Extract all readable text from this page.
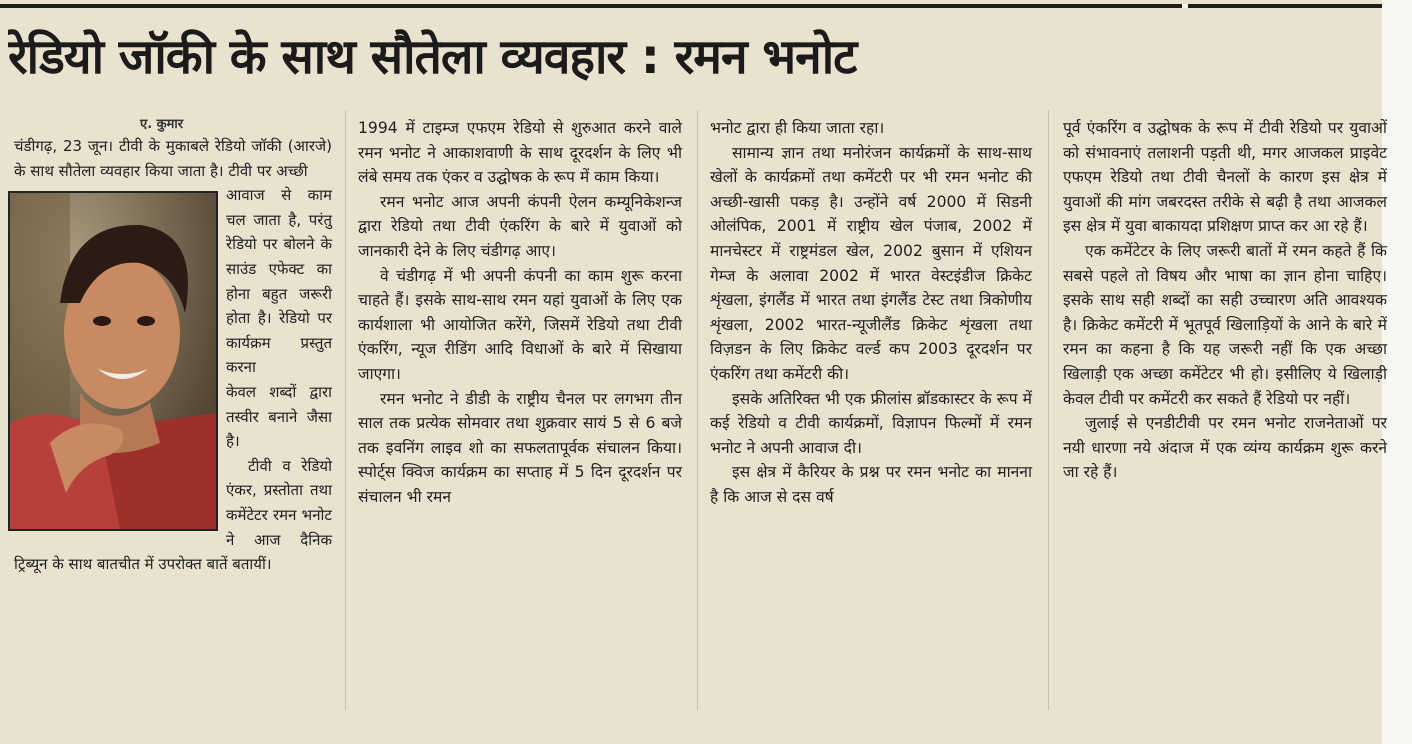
रेडियो जॉकी के साथ सौतेला व्यवहार : रमन भनोट
ए. कुमार

चंडीगढ़, 23 जून। टीवी के मुकाबले रेडियो जॉकी (आरजे) के साथ सौतेला व्यवहार किया जाता है। टीवी पर अच्छी

आवाज से काम चल जाता है, परंतु रेडियो पर बोलने के साउंड एफेक्ट का होना बहुत जरूरी होता है। रेडियो पर कार्यक्रम प्रस्तुत करना

केवल शब्दों द्वारा तस्वीर बनाने जैसा है।

टीवी व रेडियो एंकर, प्रस्तोता तथा कमेंटेटर रमन भनोट ने आज दैनिक ट्रिब्यून के साथ बातचीत में उपरोक्त बातें बतायीं।

1994 में टाइम्ज एफएम रेडियो से शुरुआत करने वाले रमन भनोट ने आकाशवाणी के साथ दूरदर्शन के लिए भी लंबे समय तक एंकर व उद्घोषक के रूप में काम किया।

रमन भनोट आज अपनी कंपनी ऐलन कम्यूनिकेशन्ज द्वारा रेडियो तथा टीवी एंकरिंग के बारे में युवाओं को जानकारी देने के लिए चंडीगढ़ आए।

वे चंडीगढ़ में भी अपनी कंपनी का काम शुरू करना चाहते हैं। इसके साथ-साथ रमन यहां युवाओं के लिए एक कार्यशाला भी आयोजित करेंगे, जिसमें रेडियो तथा टीवी एंकरिंग, न्यूज रीडिंग आदि विधाओं के बारे में सिखाया जाएगा।

रमन भनोट ने डीडी के राष्ट्रीय चैनल पर लगभग तीन साल तक प्रत्येक सोमवार तथा शुक्रवार सायं 5 से 6 बजे तक इवनिंग लाइव शो का सफलतापूर्वक संचालन किया। स्पोर्ट्स क्विज कार्यक्रम का सप्ताह में 5 दिन दूरदर्शन पर संचालन भी रमन

भनोट द्वारा ही किया जाता रहा।

सामान्य ज्ञान तथा मनोरंजन कार्यक्रमों के साथ-साथ खेलों के कार्यक्रमों तथा कमेंटरी पर भी रमन भनोट की अच्छी-खासी पकड़ है। उन्होंने वर्ष 2000 में सिडनी ओलंपिक, 2001 में राष्ट्रीय खेल पंजाब, 2002 में मानचेस्टर में राष्ट्रमंडल खेल, 2002 बुसान में एशियन गेम्ज के अलावा 2002 में भारत वेस्टइंडीज क्रिकेट शृंखला, इंगलैंड में भारत तथा इंगलैंड टेस्ट तथा त्रिकोणीय शृंखला, 2002 भारत-न्यूजीलैंड क्रिकेट शृंखला तथा विज़डन के लिए क्रिकेट वर्ल्ड कप 2003 दूरदर्शन पर एंकरिंग तथा कमेंटरी की।

इसके अतिरिक्त भी एक फ्रीलांस ब्रॉडकास्टर के रूप में कई रेडियो व टीवी कार्यक्रमों, विज्ञापन फिल्मों में रमन भनोट ने अपनी आवाज दी।

इस क्षेत्र में कैरियर के प्रश्न पर रमन भनोट का मानना है कि आज से दस वर्ष

पूर्व एंकरिंग व उद्घोषक के रूप में टीवी रेडियो पर युवाओं को संभावनाएं तलाशनी पड़ती थी, मगर आजकल प्राइवेट एफएम रेडियो तथा टीवी चैनलों के कारण इस क्षेत्र में युवाओं की मांग जबरदस्त तरीके से बढ़ी है तथा आजकल इस क्षेत्र में युवा बाकायदा प्रशिक्षण प्राप्त कर आ रहे हैं।

एक कमेंटेटर के लिए जरूरी बातों में रमन कहते हैं कि सबसे पहले तो विषय और भाषा का ज्ञान होना चाहिए। इसके साथ सही शब्दों का सही उच्चारण अति आवश्यक है। क्रिकेट कमेंटरी में भूतपूर्व खिलाड़ियों के आने के बारे में रमन का कहना है कि यह जरूरी नहीं कि एक अच्छा खिलाड़ी एक अच्छा कमेंटेटर भी हो। इसीलिए ये खिलाड़ी केवल टीवी पर कमेंटरी कर सकते हैं रेडियो पर नहीं।

जुलाई से एनडीटीवी पर रमन भनोट राजनेताओं पर नयी धारणा नये अंदाज में एक व्यंग्य कार्यक्रम शुरू करने जा रहे हैं।
